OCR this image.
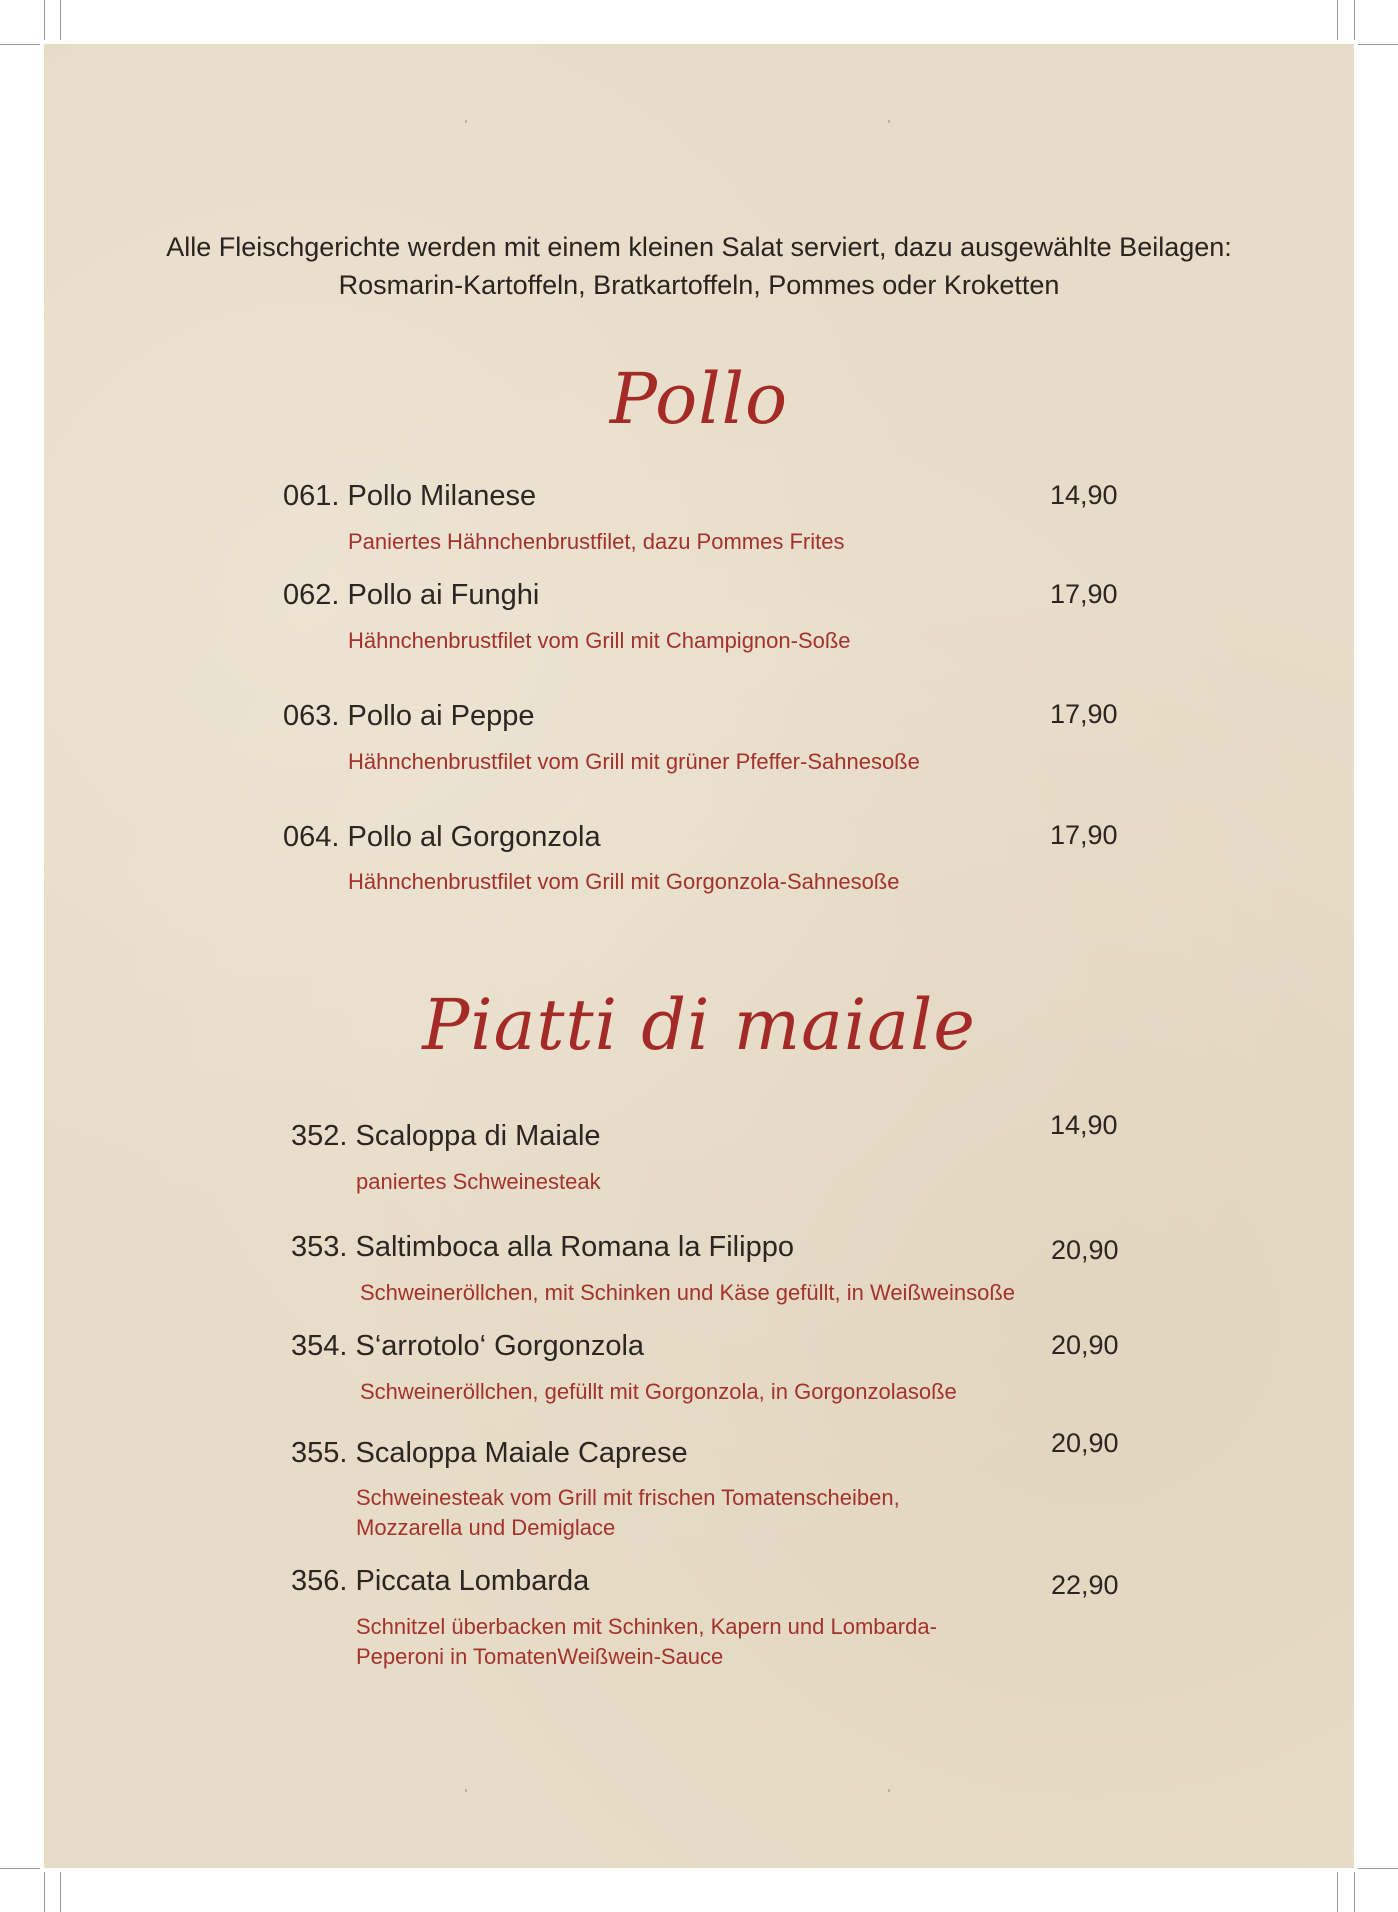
Alle Fleischgerichte werden mit einem kleinen Salat serviert, dazu ausgewählte Beilagen:
Rosmarin-Kartoffeln, Bratkartoffeln, Pommes oder Kroketten
Pollo
061. Pollo Milanese
Paniertes Hähnchenbrustfilet, dazu Pommes Frites
14,90
062. Pollo ai Funghi
Hähnchenbrustfilet vom Grill mit Champignon-Soße
17,90
063. Pollo ai Peppe
Hähnchenbrustfilet vom Grill mit grüner Pfeffer-Sahnesoße
17,90
064. Pollo al Gorgonzola
Hähnchenbrustfilet vom Grill mit Gorgonzola-Sahnesoße
17,90
Piatti di maiale
352. Scaloppa di Maiale
paniertes Schweinesteak
14,90
353. Saltimboca alla Romana la Filippo
Schweineröllchen, mit Schinken und Käse gefüllt, in Weißweinsoße
20,90
354. S‘arrotolo‘ Gorgonzola
Schweineröllchen, gefüllt mit Gorgonzola, in Gorgonzolasoße
20,90
355. Scaloppa Maiale Caprese
Schweinesteak vom Grill mit frischen Tomatenscheiben,
Mozzarella und Demiglace
20,90
356. Piccata Lombarda
Schnitzel überbacken mit Schinken, Kapern und Lombarda-
Peperoni in TomatenWeißwein-Sauce
22,90
